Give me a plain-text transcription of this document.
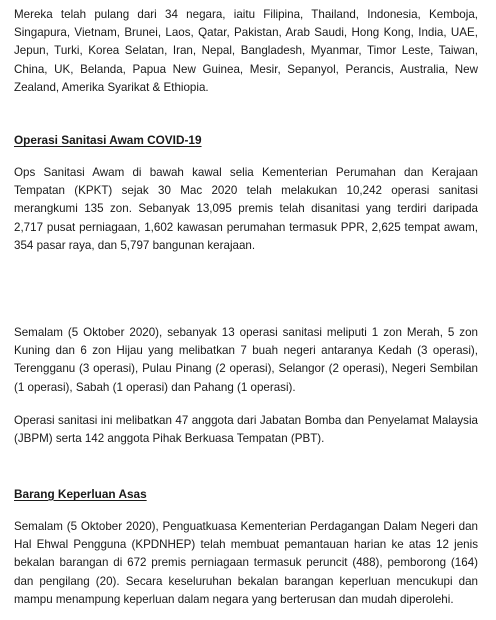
Mereka telah pulang dari 34 negara, iaitu Filipina, Thailand, Indonesia, Kemboja, Singapura, Vietnam, Brunei, Laos, Qatar, Pakistan, Arab Saudi, Hong Kong, India, UAE, Jepun, Turki, Korea Selatan, Iran, Nepal, Bangladesh, Myanmar, Timor Leste, Taiwan, China, UK, Belanda, Papua New Guinea, Mesir, Sepanyol, Perancis, Australia, New Zealand, Amerika Syarikat & Ethiopia.

Operasi Sanitasi Awam COVID-19

Ops Sanitasi Awam di bawah kawal selia Kementerian Perumahan dan Kerajaan Tempatan (KPKT) sejak 30 Mac 2020 telah melakukan 10,242 operasi sanitasi merangkumi 135 zon. Sebanyak 13,095 premis telah disanitasi yang terdiri daripada 2,717 pusat perniagaan, 1,602 kawasan perumahan termasuk PPR, 2,625 tempat awam, 354 pasar raya, dan 5,797 bangunan kerajaan.

Semalam (5 Oktober 2020), sebanyak 13 operasi sanitasi meliputi 1 zon Merah, 5 zon Kuning dan 6 zon Hijau yang melibatkan 7 buah negeri antaranya Kedah (3 operasi), Terengganu (3 operasi), Pulau Pinang (2 operasi), Selangor (2 operasi), Negeri Sembilan (1 operasi), Sabah (1 operasi) dan Pahang (1 operasi).

Operasi sanitasi ini melibatkan 47 anggota dari Jabatan Bomba dan Penyelamat Malaysia (JBPM) serta 142 anggota Pihak Berkuasa Tempatan (PBT).

Barang Keperluan Asas

Semalam (5 Oktober 2020), Penguatkuasa Kementerian Perdagangan Dalam Negeri dan Hal Ehwal Pengguna (KPDNHEP) telah membuat pemantauan harian ke atas 12 jenis bekalan barangan di 672 premis perniagaan termasuk peruncit (488), pemborong (164) dan pengilang (20). Secara keseluruhan bekalan barangan keperluan mencukupi dan mampu menampung keperluan dalam negara yang berterusan dan mudah diperolehi.
